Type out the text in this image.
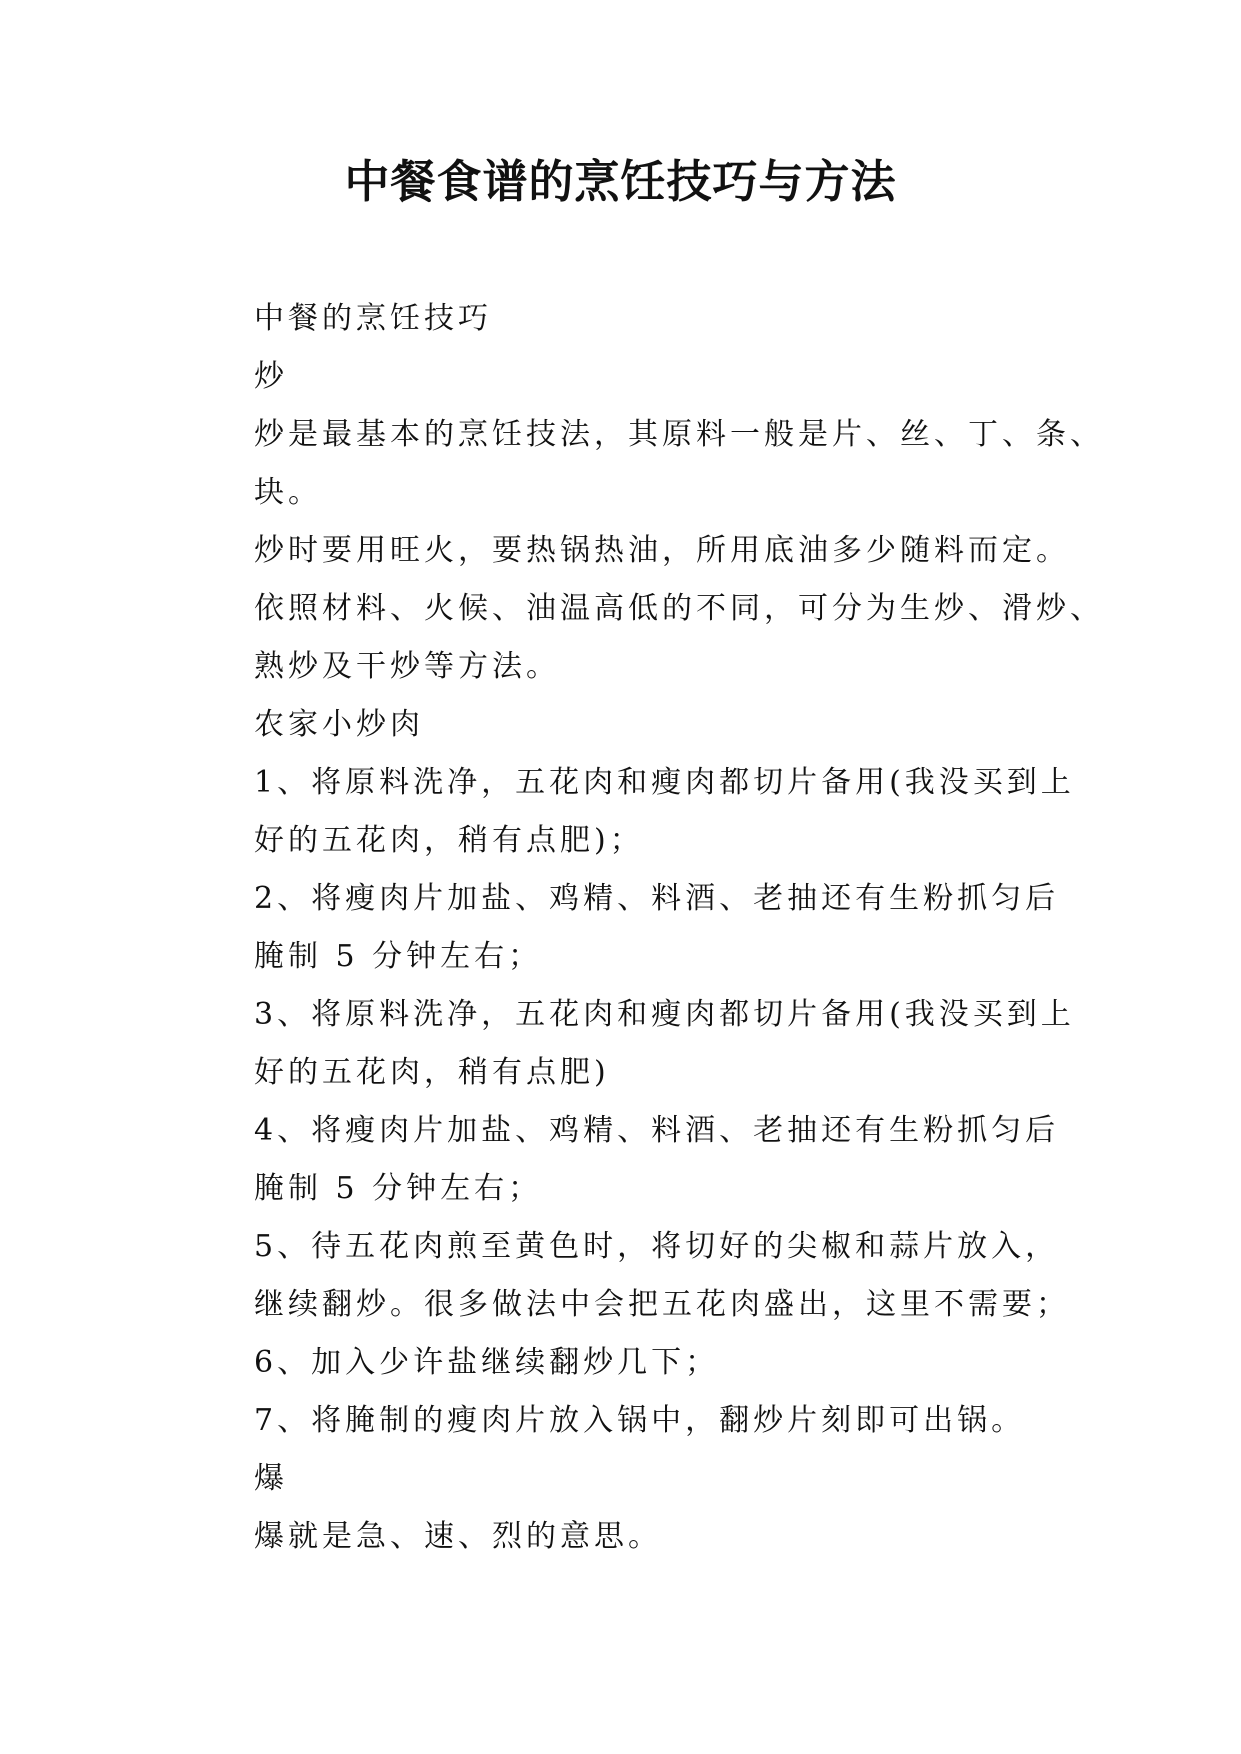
中餐食谱的烹饪技巧与方法

中餐的烹饪技巧

炒

炒是最基本的烹饪技法，其原料一般是片、丝、丁、条、
块。

炒时要用旺火，要热锅热油，所用底油多少随料而定。

依照材料、火候、油温高低的不同，可分为生炒、滑炒、
熟炒及干炒等方法。

农家小炒肉

1、将原料洗净，五花肉和瘦肉都切片备用(我没买到上
好的五花肉，稍有点肥)；

2、将瘦肉片加盐、鸡精、料酒、老抽还有生粉抓匀后
腌制 5 分钟左右；

3、将原料洗净，五花肉和瘦肉都切片备用(我没买到上
好的五花肉，稍有点肥)

4、将瘦肉片加盐、鸡精、料酒、老抽还有生粉抓匀后
腌制 5 分钟左右；

5、待五花肉煎至黄色时，将切好的尖椒和蒜片放入，
继续翻炒。很多做法中会把五花肉盛出，这里不需要；

6、加入少许盐继续翻炒几下；

7、将腌制的瘦肉片放入锅中，翻炒片刻即可出锅。

爆

爆就是急、速、烈的意思。
